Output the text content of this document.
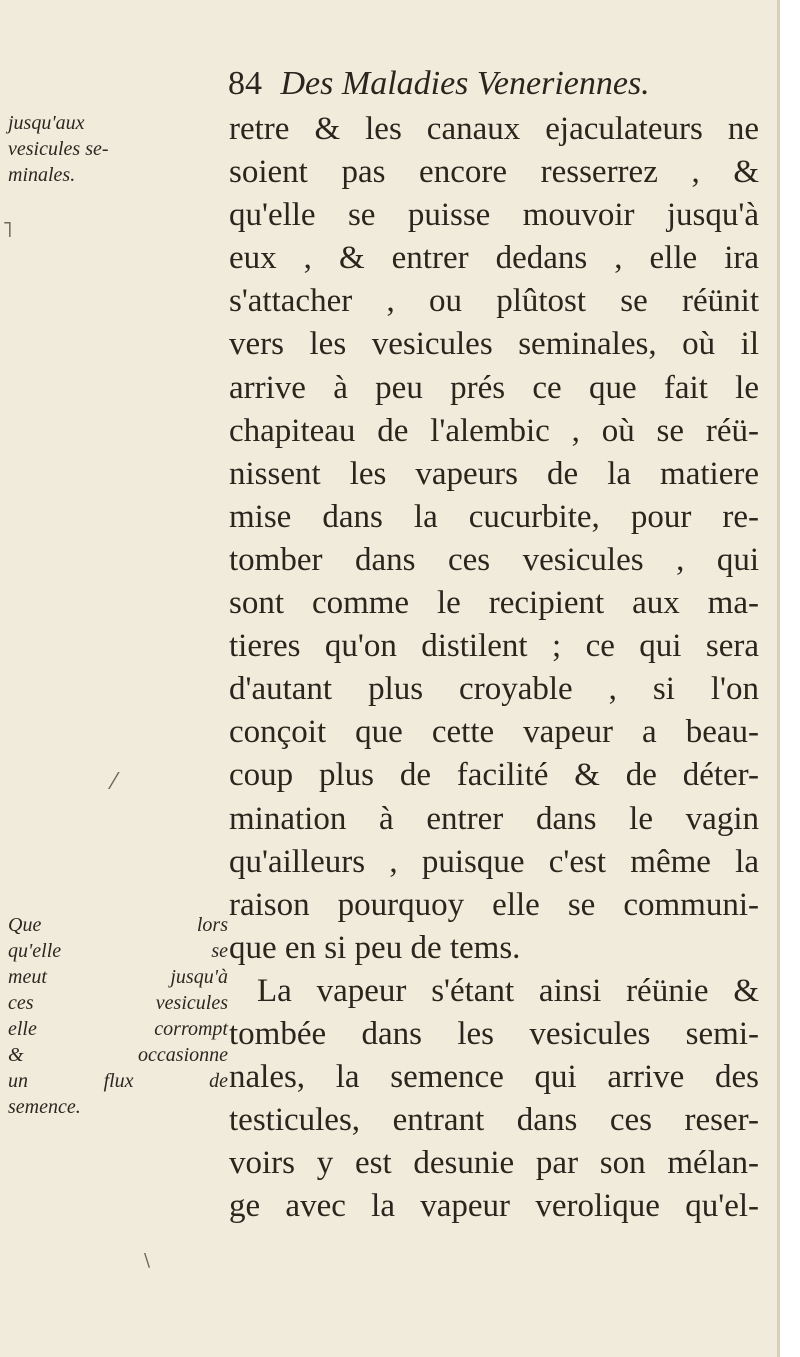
84 Des Maladies Veneriennes.
jusqu'aux
vesicules se-
minales.
Que lors
qu'elle se
meut jusqu'à
ces vesicules
elle corrompt
& occasionne
un flux de
semence.
˥
⁄
\
retre & les canaux ejaculateurs ne
soient pas encore resserrez , &
qu'elle se puisse mouvoir jusqu'à
eux , & entrer dedans , elle ira
s'attacher , ou plûtost se réünit
vers les vesicules seminales, où il
arrive à peu prés ce que fait le
chapiteau de l'alembic , où se réü-
nissent les vapeurs de la matiere
mise dans la cucurbite, pour re-
tomber dans ces vesicules , qui
sont comme le recipient aux ma-
tieres qu'on distilent ; ce qui sera
d'autant plus croyable , si l'on
conçoit que cette vapeur a beau-
coup plus de facilité & de déter-
mination à entrer dans le vagin
qu'ailleurs , puisque c'est même la
raison pourquoy elle se communi-
que en si peu de tems.
La vapeur s'étant ainsi réünie &
tombée dans les vesicules semi-
nales, la semence qui arrive des
testicules, entrant dans ces reser-
voirs y est desunie par son mélan-
ge avec la vapeur verolique qu'el-
